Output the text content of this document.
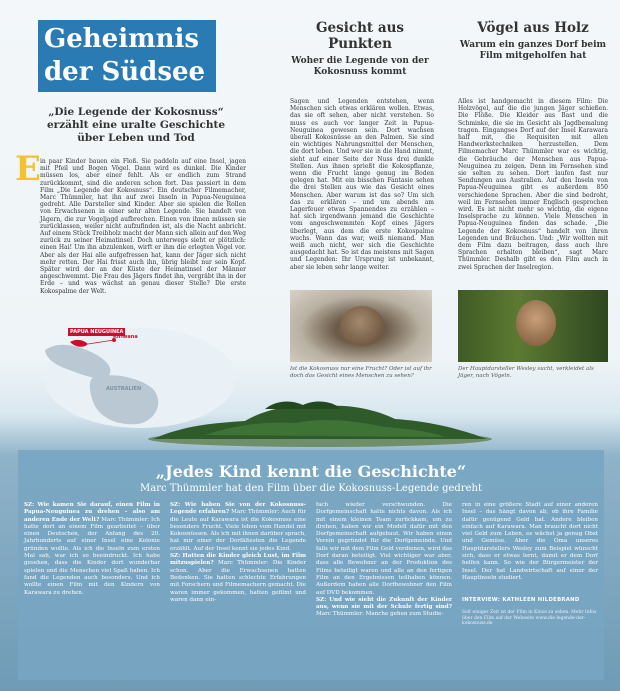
Geheimnis
der Südsee
„Die Legende der Kokosnuss“ erzählt eine uralte Geschichte über Leben und Tod
E in paar Kinder bauen ein Floß. Sie paddeln auf eine Insel, jagen mit Pfeil und Bogen Vögel. Dann wird es dunkel. Die Kinder müssen los, aber einer fehlt. Als er endlich zum Strand zurückkommt, sind die anderen schon fort. Das passiert in dem Film „Die Legende der Kokosnuss“. Ein deutscher Filmemacher, Marc Thümmler, hat ihn auf zwei Inseln in Papua-Neuguinea gedreht. Alle Darsteller sind Kinder. Aber sie spielen die Rollen von Erwachsenen in einer sehr alten Legende. Sie handelt von Jägern, die zur Vogeljagd aufbrechen. Einen von ihnen müssen sie zurücklassen, weiler nicht aufzufinden ist, als die Nacht anbricht. Auf einem Stück Treibholz macht der Mann sich allein auf den Weg zurück zu seiner Heimatinsel. Doch unterwegs sieht er plötzlich: einen Hai! Um ihn abzulenken, wirft er ihm die erlegten Vögel vor. Aber als der Hai alle aufgefressen hat, kann der Jäger sich nicht mehr retten. Der Hai frisst auch ihn, übrig bleibt nur sein Kopf. Später wird der an der Küste der Heimatinsel der Männer angeschwemmt. Die Frau des Jägers findet ihn, vergräbt ihn in der Erde – und was wächst an genau dieser Stelle? Die erste Kokospalme der Welt.
PAPUA NEUGUINEA
Kiriwana
AUSTRALIEN
Gesicht aus Punkten
Woher die Legende von der Kokosnuss kommt
Sagen und Legenden entstehen, wenn Menschen sich etwas erklären wollen. Etwas, das sie oft sehen, aber nicht verstehen. So muss es auch vor langer Zeit in Papua-Neuguinea gewesen sein. Dort wachsen überall Kokosnüsse an den Palmen. Sie sind ein wichtiges Nahrungsmittel der Menschen, die dort leben. Und wer sie in die Hand nimmt, sieht auf einer Seite der Nuss drei dunkle Stellen. Aus ihnen sprießt die Kokospflanze, wenn die Frucht lange genug im Boden gelegen hat. Mit ein bisschen Fantasie sehen die drei Stellen aus wie das Gesicht eines Menschen. Aber warum ist das so? Um sich das zu erklären – und um abends am Lagerfeuer etwas Spannendes zu erzählen – hat sich irgendwann jemand die Geschichte vom angeschwemmten Kopf eines Jägers überlegt, aus dem die erste Kokospalme wuchs. Wann das war, weiß niemand. Man weiß auch nicht, wer sich die Geschichte ausgedacht hat. So ist das meistens mit Sagen und Legenden: Ihr Ursprung ist unbekannt, aber sie leben sehr lange weiter.
Vögel aus Holz
Warum ein ganzes Dorf beim Film mitgeholfen hat
Alles ist handgemacht in diesem Film: Die Holzvögel, auf die die jungen Jäger schießen. Die Flöße. Die Kleider aus Bast und die Schminke, die sie im Gesicht als Jagdbemalung tragen. Eingangses Dorf auf der Insel Karawara half mit, die Requisiten mit allen Handwerkstechniken herzustellen. Dem Filmemacher Marc Thümmler war es wichtig, die Gebräuche der Menschen aus Papua-Neuguinea zu zeigen. Denn im Fernsehen sind sie selten zu sehen. Dort laufen fast nur Sendungen aus Australien. Auf den Inseln von Papua-Neuguinea gibt es außerdem 850 verschiedene Sprachen. Aber die sind bedroht, weil im Fernsehen immer Englisch gesprochen wird. Es ist nicht mehr so wichtig, die eigene Inselsprache zu können. Viele Menschen in Papua-Neuguinea finden das schade. „Die Legende der Kokosnuss“ handelt von ihren Legenden und Bräuchen. Und: „Wir wollten mit dem Film dazu beitragen, dass auch ihre Sprachen erhalten bleiben“, sagt Marc Thümmler. Deshalb gibt es den Film auch in zwei Sprachen der Inselregion.
Ist die Kokosnuss nur eine Frucht? Oder ist auf ihr doch das Gesicht eines Menschen zu sehen?
Der Hauptdarsteller Wesley sucht, verkleidet als Jäger, nach Vögeln.
„Jedes Kind kennt die Geschichte“
Marc Thümmler hat den Film über die Kokosnuss-Legende gedreht
SZ: Wie kamen Sie darauf, einen Film in Papua-Neuguinea zu drehen – also am anderen Ende der Welt? Marc Thümmler: Ich hatte dort an einem Film gearbeitet – über einen Deutschen, der Anfang des 20. Jahrhunderts auf einer Insel eine Kolonie gründen wollte. Als ich die Inseln zum ersten Mal sah, war ich so beeindruckt. Ich habe gesehen, dass die Kinder dort wunderbar spielen und die Menschen viel Spaß haben. Ich fand die Legenden auch besonders. Und ich wollte einen Film mit den Kindern von Karawara zu drehen.
SZ: Wie haben Sie von der Kokosnuss-Legende erfahren? Marc Thümmler: Auch für die Leute auf Karawara ist die Kokosnuss eine besondere Frucht. Viele leben vom Handel mit Kokosnüssen. Als ich mit ihnen darüber sprach, hat mir einer der Dorfältesten die Legende erzählt. Auf der Insel kennt sie jedes Kind.
SZ: Hatten die Kinder gleich Lust, im Film mitzuspielen? Marc Thümmler: Die Kinder schon. Aber die Erwachsenen hatten Bedenken. Sie hatten schlechte Erfahrungen mit Forschern und Filmemachern gemacht. Die waren immer gekommen, hatten gefilmt und waren dann ein-
fach wieder verschwunden. Die Dorfgemeinschaft hatte nichts davon. Als ich mit einem kleinen Team zurückkam, um zu drehen, haben wir ein Modell dafür mit den Dorfgemeinschaft aufgebaut. Wir haben einen Verein gegründet für die Dorfgemeinde. Und falls wir mit dem Film Geld verdienen, wird das Dorf daran beteiligt. Viel wichtiger war aber, dass alle Bewohner an der Produktion des Films beteiligt waren und alle an den fertigen Film an den Ergebnissen teilhaben können. Außerdem haben alle Dorfbewohner den Film auf DVD bekommen.
SZ: Und wie sieht die Zukunft der Kinder aus, wenn sie mit der Schule fertig sind? Marc Thümmler: Manche gehen zum Studie-
ren in eine größere Stadt auf einer anderen Insel – das hängt davon ab, ob ihre Familie dafür genügend Geld hat. Andere bleiben einfach auf Karawara. Man braucht dort nicht viel Geld zum Leben, es wächst ja genug Obst und Gemüse. Aber die Oma unseres Hauptdarstellers Wesley zum Beispiel wünscht sich, dass er etwas lernt, damit er dem Dorf helfen kann. So wie der Bürgermeister der Insel. Der hat Landwirtschaft auf einer der Hauptinseln studiert.
INTERVIEW: KATHLEEN HILDEBRAND
Seit einiger Zeit ist der Film in Kinos zu sehen. Mehr Infos über den Film auf der Webseite www.die-legende-der-kokosnuss.de
